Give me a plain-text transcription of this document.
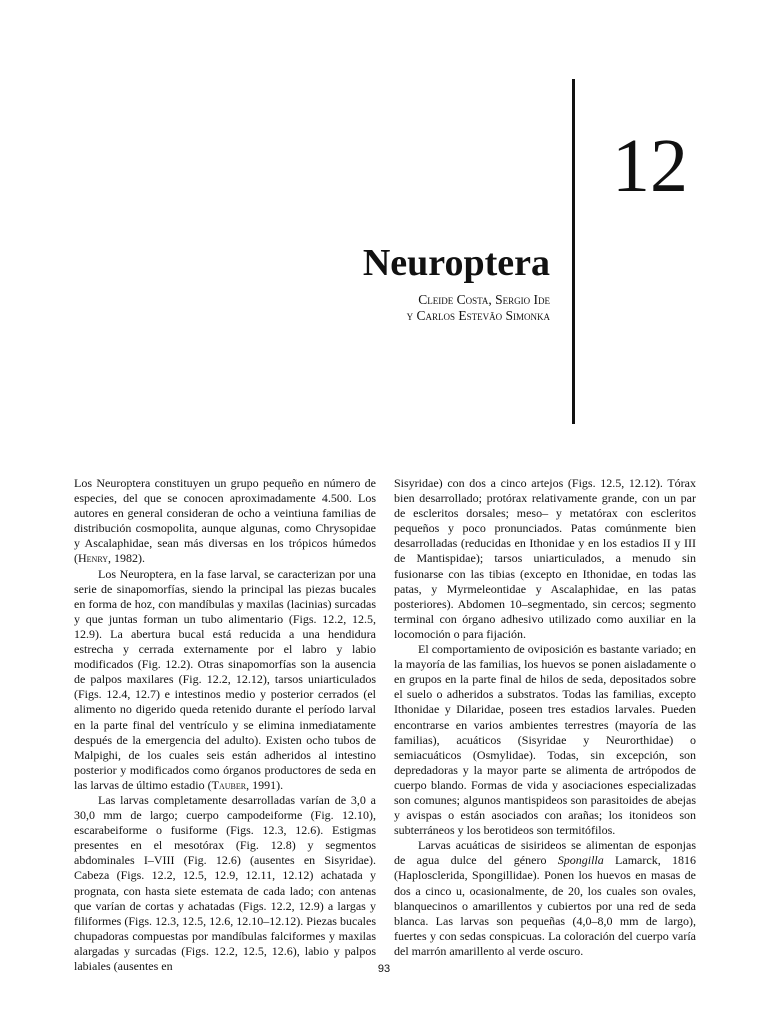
12
Neuroptera
Cleide Costa, Sergio Ide
y Carlos Estevão Simonka

Los Neuroptera constituyen un grupo pequeño en número de especies, del que se conocen aproximadamente 4.500. Los autores en general consideran de ocho a veintiuna familias de distribución cosmopolita, aunque algunas, como Chrysopidae y Ascalaphidae, sean más diversas en los trópicos húmedos (Henry, 1982).

Los Neuroptera, en la fase larval, se caracterizan por una serie de sinapomorfías, siendo la principal las piezas bucales en forma de hoz, con mandíbulas y maxilas (lacinias) surcadas y que juntas forman un tubo alimentario (Figs. 12.2, 12.5, 12.9). La abertura bucal está reducida a una hendidura estrecha y cerrada externamente por el labro y labio modificados (Fig. 12.2). Otras sinapomorfías son la ausencia de palpos maxilares (Fig. 12.2, 12.12), tarsos uniarticulados (Figs. 12.4, 12.7) e intestinos medio y posterior cerrados (el alimento no digerido queda retenido durante el período larval en la parte final del ventrículo y se elimina inmediatamente después de la emergencia del adulto). Existen ocho tubos de Malpighi, de los cuales seis están adheridos al intestino posterior y modificados como órganos productores de seda en las larvas de último estadio (Tauber, 1991).

Las larvas completamente desarrolladas varían de 3,0 a 30,0 mm de largo; cuerpo campodeiforme (Fig. 12.10), escarabeiforme o fusiforme (Figs. 12.3, 12.6). Estigmas presentes en el mesotórax (Fig. 12.8) y segmentos abdominales I–VIII (Fig. 12.6) (ausentes en Sisyridae). Cabeza (Figs. 12.2, 12.5, 12.9, 12.11, 12.12) achatada y prognata, con hasta siete estemata de cada lado; con antenas que varían de cortas y achatadas (Figs. 12.2, 12.9) a largas y filiformes (Figs. 12.3, 12.5, 12.6, 12.10–12.12). Piezas bucales chupadoras compuestas por mandíbulas falciformes y maxilas alargadas y surcadas (Figs. 12.2, 12.5, 12.6), labio y palpos labiales (ausentes en

Sisyridae) con dos a cinco artejos (Figs. 12.5, 12.12). Tórax bien desarrollado; protórax relativamente grande, con un par de escleritos dorsales; meso– y metatórax con escleritos pequeños y poco pronunciados. Patas comúnmente bien desarrolladas (reducidas en Ithonidae y en los estadios II y III de Mantispidae); tarsos uniarticulados, a menudo sin fusionarse con las tibias (excepto en Ithonidae, en todas las patas, y Myrmeleontidae y Ascalaphidae, en las patas posteriores). Abdomen 10–segmentado, sin cercos; segmento terminal con órgano adhesivo utilizado como auxiliar en la locomoción o para fijación.

El comportamiento de oviposición es bastante variado; en la mayoría de las familias, los huevos se ponen aisladamente o en grupos en la parte final de hilos de seda, depositados sobre el suelo o adheridos a substratos. Todas las familias, excepto Ithonidae y Dilaridae, poseen tres estadios larvales. Pueden encontrarse en varios ambientes terrestres (mayoría de las familias), acuáticos (Sisyridae y Neurorthidae) o semiacuáticos (Osmylidae). Todas, sin excepción, son depredadoras y la mayor parte se alimenta de artrópodos de cuerpo blando. Formas de vida y asociaciones especializadas son comunes; algunos mantispideos son parasitoides de abejas y avispas o están asociados con arañas; los itonideos son subterráneos y los berotideos son termitófilos.

Larvas acuáticas de sisirideos se alimentan de esponjas de agua dulce del género Spongilla Lamarck, 1816 (Haplosclerida, Spongillidae). Ponen los huevos en masas de dos a cinco u, ocasionalmente, de 20, los cuales son ovales, blanquecinos o amarillentos y cubiertos por una red de seda blanca. Las larvas son pequeñas (4,0–8,0 mm de largo), fuertes y con sedas conspicuas. La coloración del cuerpo varía del marrón amarillento al verde oscuro.

93
